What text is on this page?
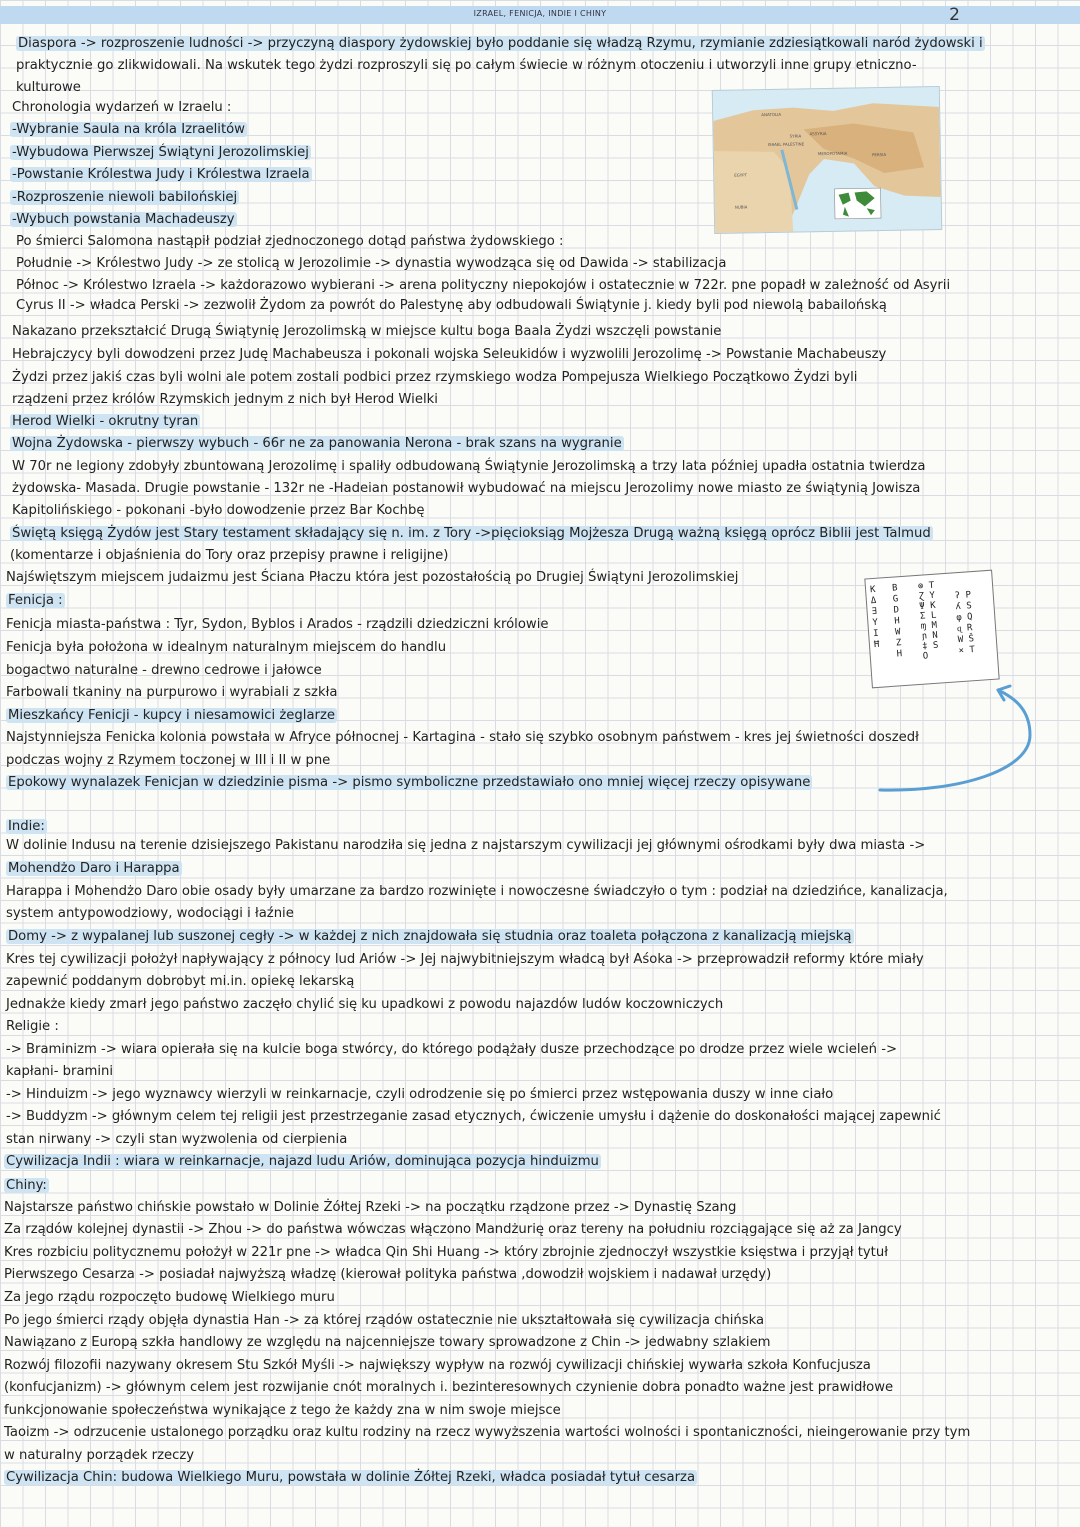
IZRAEL, FENICJA, INDIE I CHINY	2
Diaspora -> rozproszenie ludności -> przyczyną diaspory żydowskiej było poddanie się władzą Rzymu, rzymianie zdziesiątkowali naród żydowski i
praktycznie go zlikwidowali. Na wskutek tego żydzi rozproszyli się po całym świecie w różnym otoczeniu i utworzyli inne grupy etniczno-
kulturowe
Chronologia wydarzeń w Izraelu :
-Wybranie Saula na króla Izraelitów
-Wybudowa Pierwszej Świątyni Jerozolimskiej
-Powstanie Królestwa Judy i Królestwa Izraela
-Rozproszenie niewoli babilońskiej
-Wybuch powstania Machadeuszy
Po śmierci Salomona nastąpił podział zjednoczonego dotąd państwa żydowskiego :
Południe -> Królestwo Judy -> ze stolicą w Jerozolimie -> dynastia wywodząca się od Dawida -> stabilizacja
Północ -> Królestwo Izraela -> każdorazowo wybierani -> arena polityczny niepokojów i ostatecznie w 722r. pne popadł w zależność od Asyrii
Cyrus II -> władca Perski -> zezwolił Żydom za powrót do Palestynę aby odbudowali Świątynie j. kiedy byli pod niewolą babailońską
Nakazano przekształcić Drugą Świątynię Jerozolimską w miejsce kultu boga Baala Żydzi wszczęli powstanie
Hebrajczycy byli dowodzeni przez Judę Machabeusza i pokonali wojska Seleukidów i wyzwolili Jerozolimę -> Powstanie Machabeuszy
Żydzi przez jakiś czas byli wolni ale potem zostali podbici przez rzymskiego wodza Pompejusza Wielkiego Początkowo Żydzi byli
rządzeni przez królów Rzymskich jednym z nich był Herod Wielki
Herod Wielki - okrutny tyran
Wojna Żydowska - pierwszy wybuch - 66r ne za panowania Nerona - brak szans na wygranie
W 70r ne legiony zdobyły zbuntowaną Jerozolimę i spaliły odbudowaną Świątynie Jerozolimską a trzy lata później upadła ostatnia twierdza
żydowska- Masada. Drugie powstanie - 132r ne -Hadeian postanowił wybudować na miejscu Jerozolimy nowe miasto ze świątynią Jowisza
Kapitolińskiego - pokonani -było dowodzenie przez Bar Kochbę
Świętą księgą Żydów jest Stary testament składający się n. im. z Tory ->pięcioksiąg Mojżesza Drugą ważną księgą oprócz Biblii jest Talmud
(komentarze i objaśnienia do Tory oraz przepisy prawne i religijne)
Najświętszym miejscem judaizmu jest Ściana Płaczu która jest pozostałością po Drugiej Świątyni Jerozolimskiej
Fenicja :
Fenicja miasta-państwa : Tyr, Sydon, Byblos i Arados - rządzili dziedziczni królowie
Fenicja była położona w idealnym naturalnym miejscem do handlu
bogactwo naturalne - drewno cedrowe i jałowce
Farbowali tkaniny na purpurowo i wyrabiali z szkła
Mieszkańcy Fenicji - kupcy i niesamowici żeglarze
Najstynniejsza Fenicka kolonia powstała w Afryce północnej - Kartagina - stało się szybko osobnym państwem - kres jej świetności doszedł
podczas wojny z Rzymem toczonej w III i II w pne
Epokowy wynalazek Fenicjan w dziedzinie pisma -> pismo symboliczne przedstawiało ono mniej więcej rzeczy opisywane
Indie:
W dolinie Indusu na terenie dzisiejszego Pakistanu narodziła się jedna z najstarszym cywilizacji jej głównymi ośrodkami były dwa miasta ->
Mohendżo Daro i Harappa
Harappa i Mohendżo Daro obie osady były umarzane za bardzo rozwinięte i nowoczesne świadczyło o tym : podział na dziedzińce, kanalizacja,
system antypowodziowy, wodociągi i łaźnie
Domy -> z wypalanej lub suszonej cegły -> w każdej z nich znajdowała się studnia oraz toaleta połączona z kanalizacją miejską
Kres tej cywilizacji położył napływający z północy lud Ariów -> Jej najwybitniejszym władcą był Aśoka -> przeprowadził reformy które miały
zapewnić poddanym dobrobyt mi.in. opiekę lekarską
Jednakże kiedy zmarł jego państwo zaczęło chylić się ku upadkowi z powodu najazdów ludów koczowniczych
Religie :
-> Braminizm -> wiara opierała się na kulcie boga stwórcy, do którego podążały dusze przechodzące po drodze przez wiele wcieleń ->
kapłani- bramini
-> Hinduizm -> jego wyznawcy wierzyli w reinkarnacje, czyli odrodzenie się po śmierci przez wstępowania duszy w inne ciało
-> Buddyzm -> głównym celem tej religii jest przestrzeganie zasad etycznych, ćwiczenie umysłu i dążenie do doskonałości mającej zapewnić
stan nirwany -> czyli stan wyzwolenia od cierpienia
Cywilizacja Indii : wiara w reinkarnacje, najazd ludu Ariów, dominująca pozycja hinduizmu
Chiny:
Najstarsze państwo chińskie powstało w Dolinie Żółtej Rzeki -> na początku rządzone przez -> Dynastię Szang
Za rządów kolejnej dynastii -> Zhou -> do państwa wówczas włączono Mandżurię oraz tereny na południu rozciągające się aż za Jangcy
Kres rozbiciu politycznemu położył w 221r pne -> władca Qin Shi Huang -> który zbrojnie zjednoczył wszystkie księstwa i przyjął tytuł
Pierwszego Cesarza -> posiadał najwyższą władzę (kierował polityka państwa ,dowodził wojskiem i nadawał urzędy)
Za jego rządu rozpoczęto budowę Wielkiego muru
Po jego śmierci rządy objęła dynastia Han -> za której rządów ostatecznie nie ukształtowała się cywilizacja chińska
Nawiązano z Europą szkła handlowy ze względu na najcenniejsze towary sprowadzone z Chin -> jedwabny szlakiem
Rozwój filozofii nazywany okresem Stu Szkół Myśli -> największy wypływ na rozwój cywilizacji chińskiej wywarła szkoła Konfucjusza
(konfucjanizm) -> głównym celem jest rozwijanie cnót moralnych i. bezinteresownych czynienie dobra ponadto ważne jest prawidłowe
funkcjonowanie społeczeństwa wynikające z tego że każdy zna w nim swoje miejsce
Taoizm -> odrzucenie ustalonego porządku oraz kultu rodziny na rzecz wywyższenia wartości wolności i spontaniczności, nieingerowanie przy tym
w naturalny porządek rzeczy
Cywilizacja Chin: budowa Wielkiego Muru, powstała w dolinie Żółtej Rzeki, władca posiadał tytuł cesarza
ANATOLIA
SYRIA ASSYRIA
ISRAEL PALESTINE
MESOPOTAMIA	PERSIA
EGYPT
NUBIA
K
Δ
∃
Y
I
Ħ
B
G
D
H
W
Z
H
⊗ T
Ɀ Y
Ψ K
Ʃ L
ɱ M
ɲ N
‡ S
O
ʔ P
ʎ S
φ Q
ɋ R
W Š
× T
